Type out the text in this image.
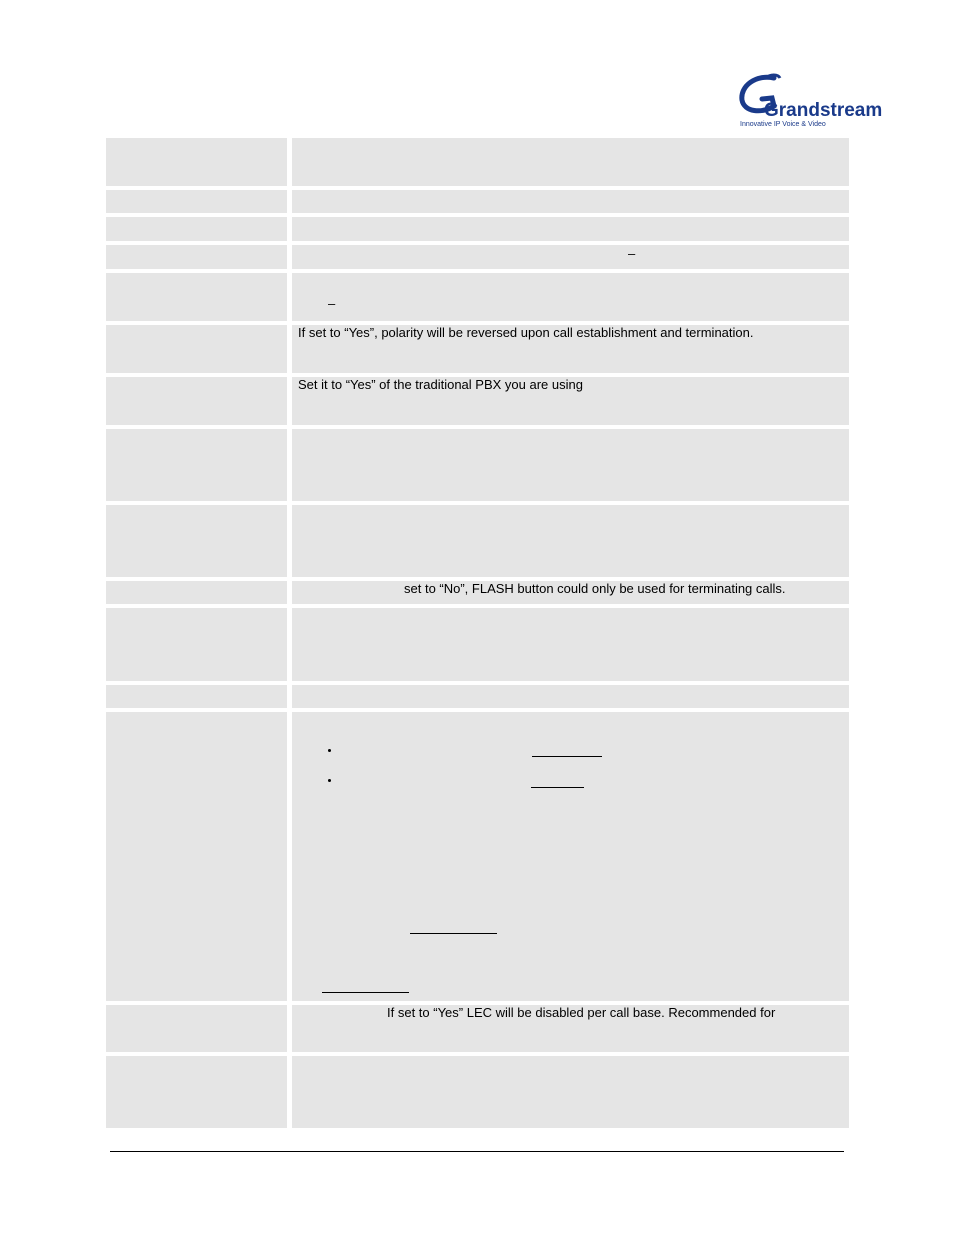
Grandstream
Innovative IP Voice & Video
–
–
If set to “Yes”, polarity will be reversed upon call establishment and termination.
Set it to “Yes” of the traditional PBX you are using
set to “No”, FLASH button could only be used for terminating calls.
If set to “Yes” LEC will be disabled per call base. Recommended for
